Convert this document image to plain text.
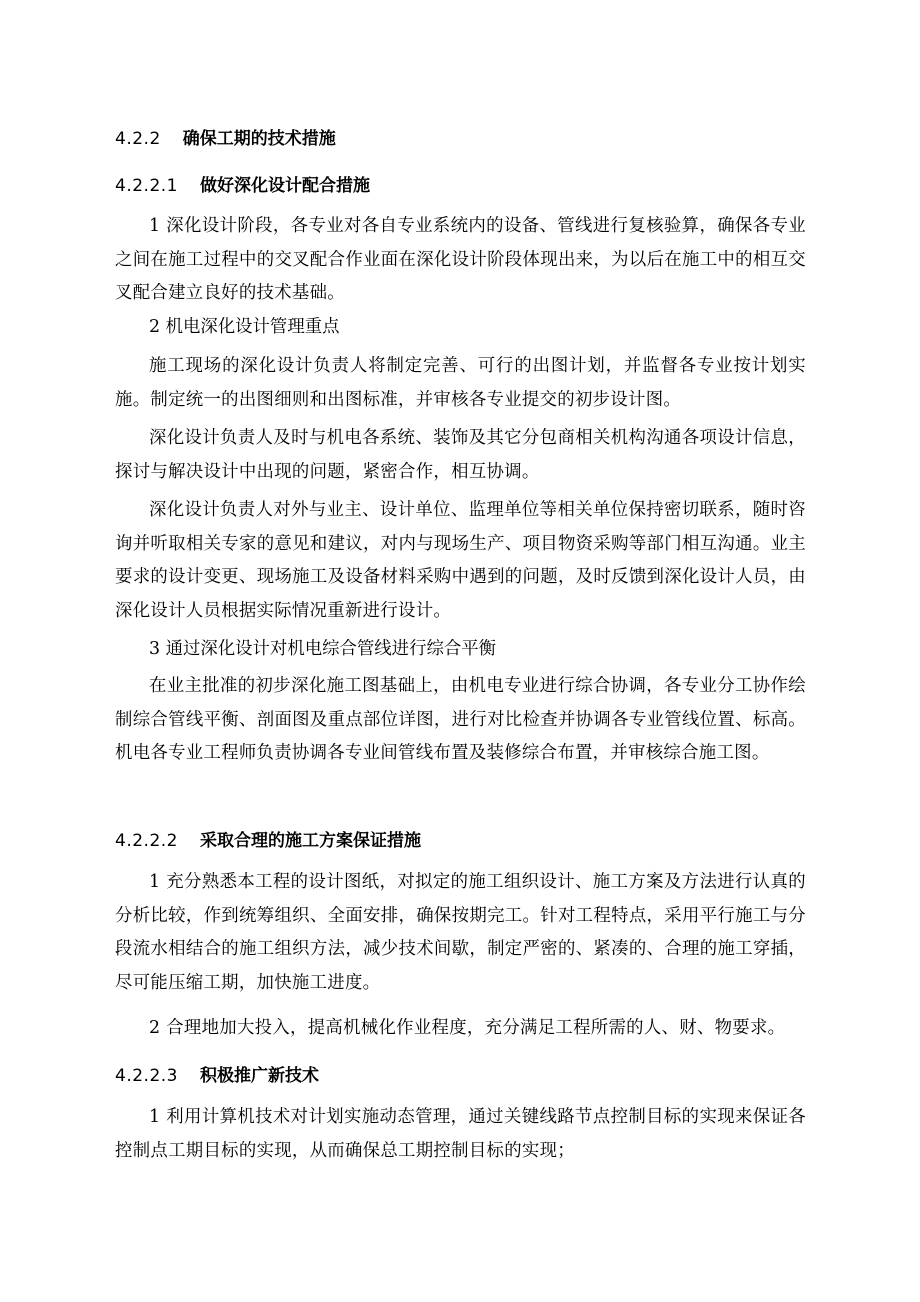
4.2.2 确保工期的技术措施
4.2.2.1 做好深化设计配合措施
1 深化设计阶段，各专业对各自专业系统内的设备、管线进行复核验算，确保各专业之间在施工过程中的交叉配合作业面在深化设计阶段体现出来，为以后在施工中的相互交叉配合建立良好的技术基础。
2 机电深化设计管理重点
施工现场的深化设计负责人将制定完善、可行的出图计划，并监督各专业按计划实施。制定统一的出图细则和出图标准，并审核各专业提交的初步设计图。
深化设计负责人及时与机电各系统、装饰及其它分包商相关机构沟通各项设计信息，探讨与解决设计中出现的问题，紧密合作，相互协调。
深化设计负责人对外与业主、设计单位、监理单位等相关单位保持密切联系，随时咨询并听取相关专家的意见和建议，对内与现场生产、项目物资采购等部门相互沟通。业主要求的设计变更、现场施工及设备材料采购中遇到的问题，及时反馈到深化设计人员，由深化设计人员根据实际情况重新进行设计。
3 通过深化设计对机电综合管线进行综合平衡
在业主批准的初步深化施工图基础上，由机电专业进行综合协调，各专业分工协作绘制综合管线平衡、剖面图及重点部位详图，进行对比检查并协调各专业管线位置、标高。机电各专业工程师负责协调各专业间管线布置及装修综合布置，并审核综合施工图。
4.2.2.2 采取合理的施工方案保证措施
1 充分熟悉本工程的设计图纸，对拟定的施工组织设计、施工方案及方法进行认真的分析比较，作到统筹组织、全面安排，确保按期完工。针对工程特点，采用平行施工与分段流水相结合的施工组织方法，减少技术间歇，制定严密的、紧凑的、合理的施工穿插，尽可能压缩工期，加快施工进度。
2 合理地加大投入，提高机械化作业程度，充分满足工程所需的人、财、物要求。
4.2.2.3 积极推广新技术
1 利用计算机技术对计划实施动态管理，通过关键线路节点控制目标的实现来保证各控制点工期目标的实现，从而确保总工期控制目标的实现；
